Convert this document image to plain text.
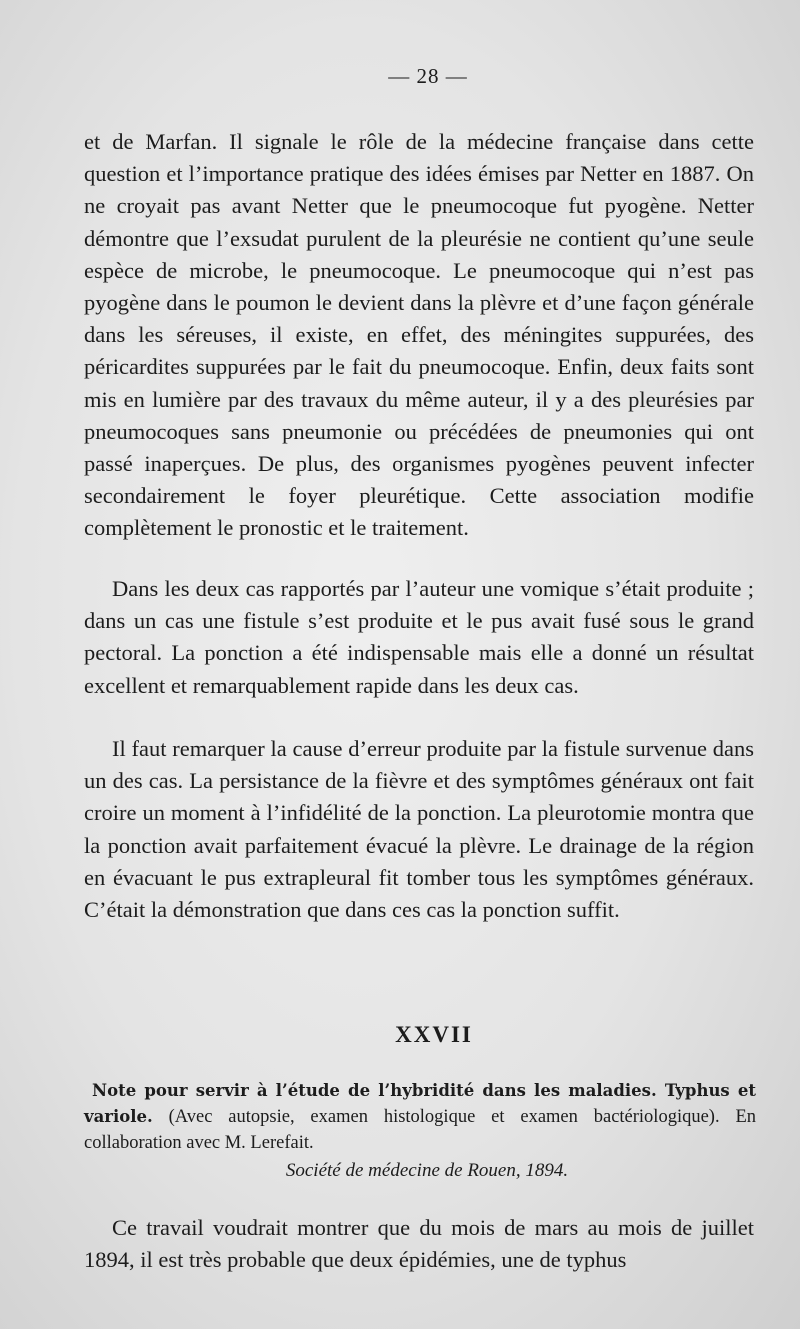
— 28 —

et de Marfan. Il signale le rôle de la médecine française dans cette question et l’importance pratique des idées émises par Netter en 1887. On ne croyait pas avant Netter que le pneumocoque fut pyogène. Netter démontre que l’exsudat purulent de la pleurésie ne contient qu’une seule espèce de microbe, le pneumocoque. Le pneumocoque qui n’est pas pyogène dans le poumon le devient dans la plèvre et d’une façon générale dans les séreuses, il existe, en effet, des méningites suppurées, des péricardites suppurées par le fait du pneumocoque. Enfin, deux faits sont mis en lumière par des travaux du même auteur, il y a des pleurésies par pneumocoques sans pneumonie ou précédées de pneumonies qui ont passé inaperçues. De plus, des organismes pyogènes peuvent infecter secondairement le foyer pleurétique. Cette association modifie complètement le pronostic et le traitement.

Dans les deux cas rapportés par l’auteur une vomique s’était produite ; dans un cas une fistule s’est produite et le pus avait fusé sous le grand pectoral. La ponction a été indispensable mais elle a donné un résultat excellent et remarquablement rapide dans les deux cas.

Il faut remarquer la cause d’erreur produite par la fistule survenue dans un des cas. La persistance de la fièvre et des symptômes généraux ont fait croire un moment à l’infidélité de la ponction. La pleurotomie montra que la ponction avait parfaitement évacué la plèvre. Le drainage de la région en évacuant le pus extrapleural fit tomber tous les symptômes généraux. C’était la démonstration que dans ces cas la ponction suffit.

XXVII

Note pour servir à l’étude de l’hybridité dans les maladies. Typhus et variole. (Avec autopsie, examen histologique et examen bactériologique). En collaboration avec M. Lerefait.

Société de médecine de Rouen, 1894.

Ce travail voudrait montrer que du mois de mars au mois de juillet 1894, il est très probable que deux épidémies, une de typhus
